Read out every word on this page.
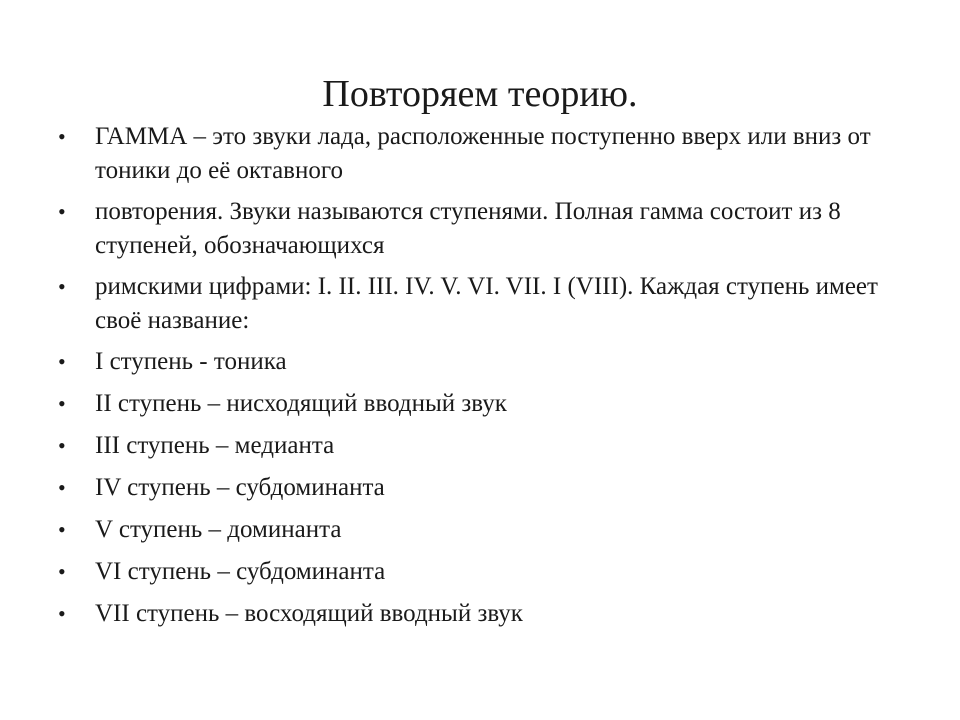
Повторяем теорию.
• ГАММА – это звуки лада, расположенные поступенно вверх или вниз от тоники до её октавного
• повторения. Звуки называются ступенями. Полная гамма состоит из 8 ступеней, обозначающихся
• римскими цифрами: I. II. III. IV. V. VI. VII. I (VIII). Каждая ступень имеет своё название:
• I ступень - тоника
• II ступень – нисходящий вводный звук
• III ступень – медианта
• IV ступень – субдоминанта
• V ступень – доминанта
• VI ступень – субдоминанта
• VII ступень – восходящий вводный звук
